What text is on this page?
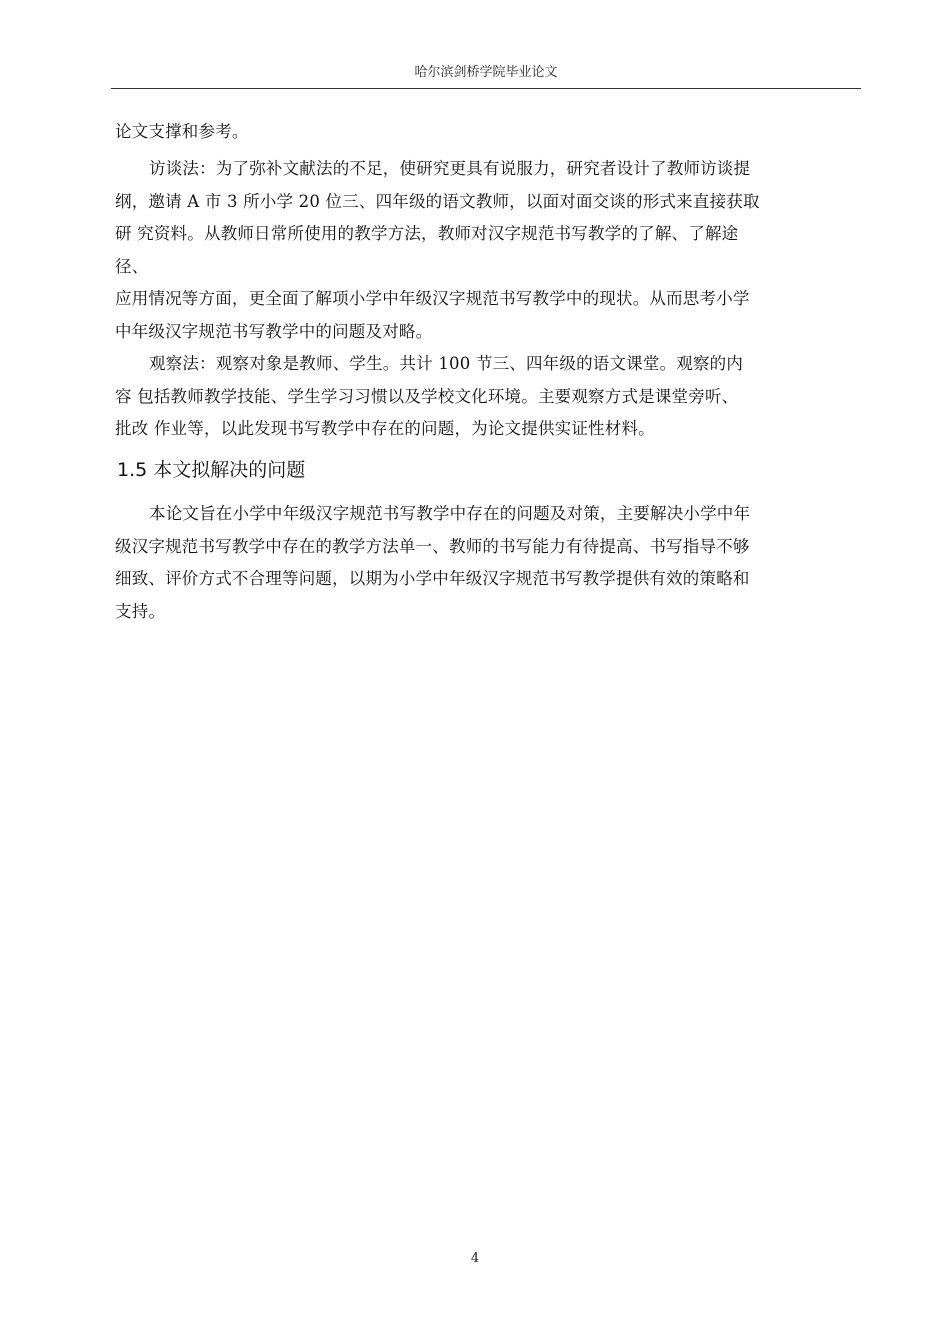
哈尔滨剑桥学院毕业论文
论文支撑和参考。
访谈法：为了弥补文献法的不足，使研究更具有说服力，研究者设计了教师访谈提
纲，邀请 A 市 3 所小学 20 位三、四年级的语文教师，以面对面交谈的形式来直接获取
研 究资料。从教师日常所使用的教学方法，教师对汉字规范书写教学的了解、了解途
径、
应用情况等方面，更全面了解项小学中年级汉字规范书写教学中的现状。从而思考小学
中年级汉字规范书写教学中的问题及对略。
观察法：观察对象是教师、学生。共计 100 节三、四年级的语文课堂。观察的内
容 包括教师教学技能、学生学习习惯以及学校文化环境。主要观察方式是课堂旁听、
批改 作业等，以此发现书写教学中存在的问题，为论文提供实证性材料。
1.5 本文拟解决的问题
本论文旨在小学中年级汉字规范书写教学中存在的问题及对策，主要解决小学中年
级汉字规范书写教学中存在的教学方法单一、教师的书写能力有待提高、书写指导不够
细致、评价方式不合理等问题，以期为小学中年级汉字规范书写教学提供有效的策略和
支持。
4
